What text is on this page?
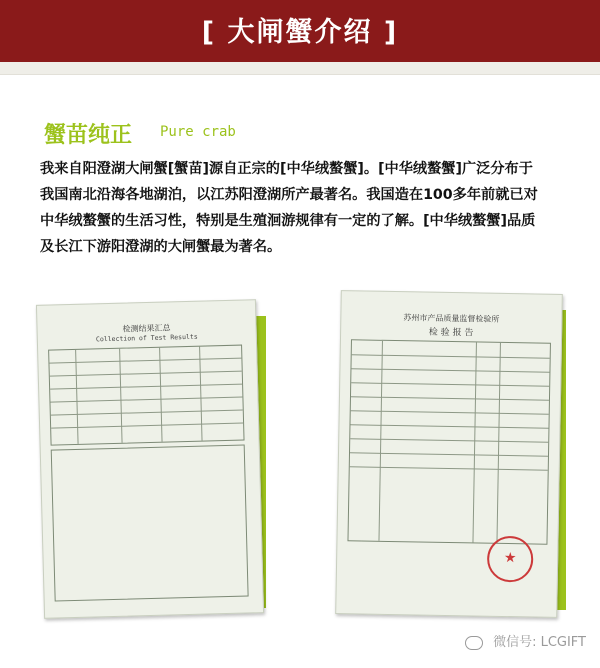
[ 大闸蟹介绍 ]
蟹苗纯正 Pure crab
我来自阳澄湖大闸蟹[蟹苗]源自正宗的[中华绒螯蟹]。[中华绒螯蟹]广泛分布于
我国南北沿海各地湖泊，以江苏阳澄湖所产最著名。我国造在100多年前就已对
中华绒螯蟹的生活习性，特别是生殖洄游规律有一定的了解。[中华绒螯蟹]品质
及长江下游阳澄湖的大闸蟹最为著名。
检测结果汇总
Collection of Test Results
苏州市产品质量监督检验所
检 验 报 告
★
微信号: LCGIFT
